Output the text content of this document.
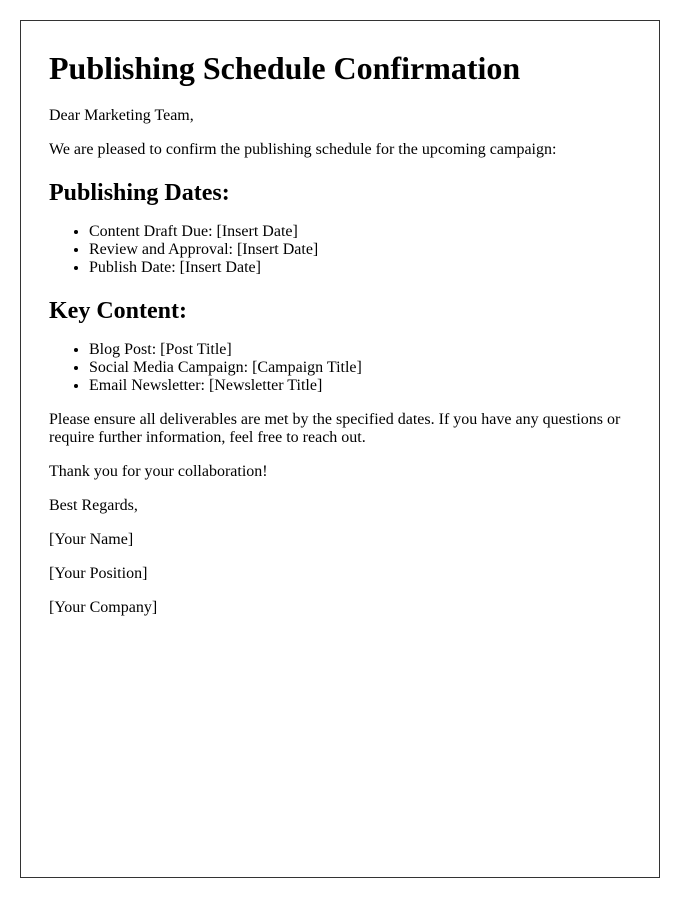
Publishing Schedule Confirmation

Dear Marketing Team,

We are pleased to confirm the publishing schedule for the upcoming campaign:

Publishing Dates:
• Content Draft Due: [Insert Date]
• Review and Approval: [Insert Date]
• Publish Date: [Insert Date]
Key Content:
• Blog Post: [Post Title]
• Social Media Campaign: [Campaign Title]
• Email Newsletter: [Newsletter Title]

Please ensure all deliverables are met by the specified dates. If you have any questions or require further information, feel free to reach out.

Thank you for your collaboration!

Best Regards,

[Your Name]

[Your Position]

[Your Company]
